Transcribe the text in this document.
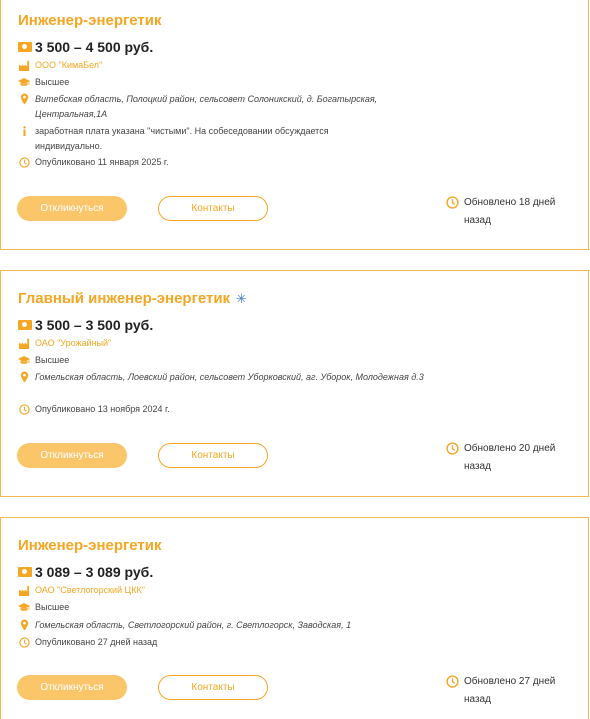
Инженер-энергетик
3 500 – 4 500 руб.
ООО "КимаБел"
Высшее
Витебская область, Полоцкий район, сельсовет Солоникский, д. Богатырская, Центральная,1А
заработная плата указана "чистыми". На собеседовании обсуждается индивидуально.
Опубликовано 11 января 2025 г.
Откликнуться	Контакты
Обновлено 18 дней назад
Главный инженер-энергетик ✳
3 500 – 3 500 руб.
ОАО "Урожайный"
Высшее
Гомельская область, Лоевский район, сельсовет Уборковский, аг. Уборок, Молодежная д.3
Опубликовано 13 ноября 2024 г.
Откликнуться	Контакты
Обновлено 20 дней назад
Инженер-энергетик
3 089 – 3 089 руб.
ОАО "Светлогорский ЦКК"
Высшее
Гомельская область, Светлогорский район, г. Светлогорск, Заводская, 1
Опубликовано 27 дней назад
Откликнуться	Контакты
Обновлено 27 дней назад
